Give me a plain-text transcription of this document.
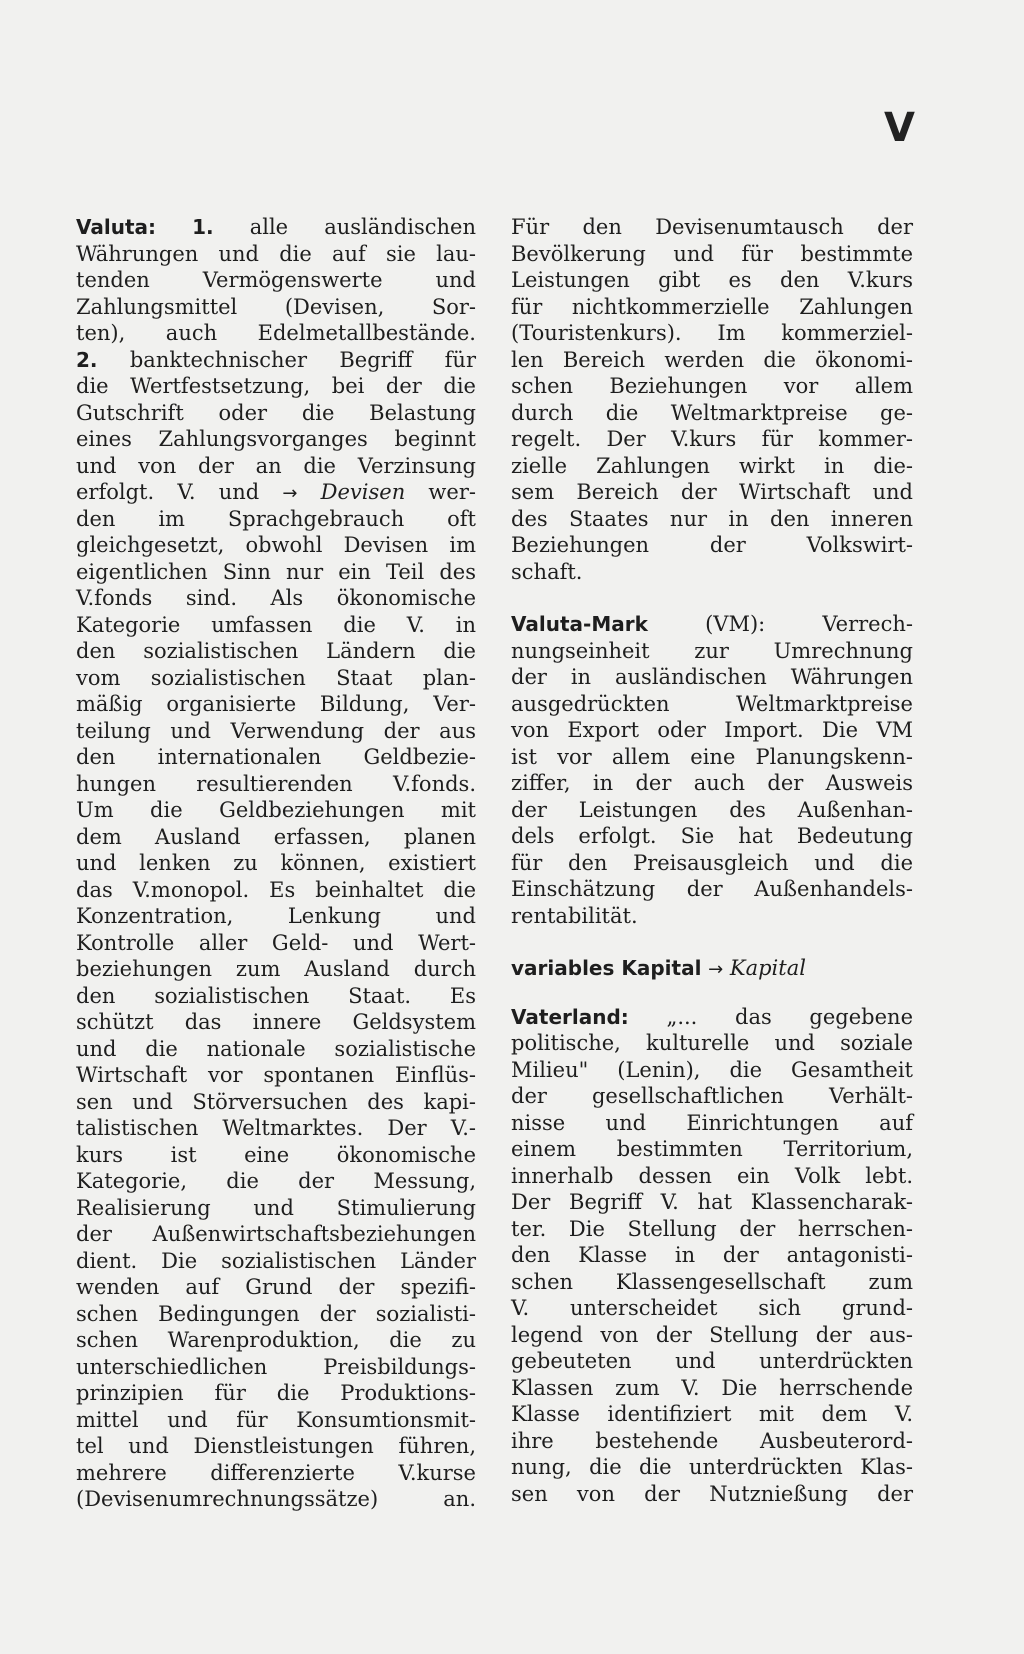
V
Valuta: 1. alle ausländischen
Währungen und die auf sie lau-
tenden Vermögenswerte und
Zahlungsmittel (Devisen, Sor-
ten), auch Edelmetallbestände.
2. banktechnischer Begriff für
die Wertfestsetzung, bei der die
Gutschrift oder die Belastung
eines Zahlungsvorganges beginnt
und von der an die Verzinsung
erfolgt. V. und → Devisen wer-
den im Sprachgebrauch oft
gleichgesetzt, obwohl Devisen im
eigentlichen Sinn nur ein Teil des
V.fonds sind. Als ökonomische
Kategorie umfassen die V. in
den sozialistischen Ländern die
vom sozialistischen Staat plan-
mäßig organisierte Bildung, Ver-
teilung und Verwendung der aus
den internationalen Geldbezie-
hungen resultierenden V.fonds.
Um die Geldbeziehungen mit
dem Ausland erfassen, planen
und lenken zu können, existiert
das V.monopol. Es beinhaltet die
Konzentration, Lenkung und
Kontrolle aller Geld- und Wert-
beziehungen zum Ausland durch
den sozialistischen Staat. Es
schützt das innere Geldsystem
und die nationale sozialistische
Wirtschaft vor spontanen Einflüs-
sen und Störversuchen des kapi-
talistischen Weltmarktes. Der V.-
kurs ist eine ökonomische
Kategorie, die der Messung,
Realisierung und Stimulierung
der Außenwirtschaftsbeziehungen
dient. Die sozialistischen Länder
wenden auf Grund der spezifi-
schen Bedingungen der sozialisti-
schen Warenproduktion, die zu
unterschiedlichen Preisbildungs-
prinzipien für die Produktions-
mittel und für Konsumtionsmit-
tel und Dienstleistungen führen,
mehrere differenzierte V.kurse
(Devisenumrechnungssätze) an.
Für den Devisenumtausch der
Bevölkerung und für bestimmte
Leistungen gibt es den V.kurs
für nichtkommerzielle Zahlungen
(Touristenkurs). Im kommerziel-
len Bereich werden die ökonomi-
schen Beziehungen vor allem
durch die Weltmarktpreise ge-
regelt. Der V.kurs für kommer-
zielle Zahlungen wirkt in die-
sem Bereich der Wirtschaft und
des Staates nur in den inneren
Beziehungen der Volkswirt-
schaft.
Valuta-Mark	(VM): Verrech-
nungseinheit zur Umrechnung
der in ausländischen Währungen
ausgedrückten Weltmarktpreise
von Export oder Import. Die VM
ist vor allem eine Planungskenn-
ziffer, in der auch der Ausweis
der Leistungen des Außenhan-
dels erfolgt. Sie hat Bedeutung
für den Preisausgleich und die
Einschätzung der Außenhandels-
rentabilität.
variables Kapital → Kapital
Vaterland: „... das gegebene
politische, kulturelle und soziale
Milieu" (Lenin), die Gesamtheit
der gesellschaftlichen Verhält-
nisse und Einrichtungen auf
einem bestimmten Territorium,
innerhalb dessen ein Volk lebt.
Der Begriff V. hat Klassencharak-
ter. Die Stellung der herrschen-
den Klasse in der antagonisti-
schen Klassengesellschaft zum
V. unterscheidet sich grund-
legend von der Stellung der aus-
gebeuteten und unterdrückten
Klassen zum V. Die herrschende
Klasse identifiziert mit dem V.
ihre bestehende Ausbeuterord-
nung, die die unterdrückten Klas-
sen von der Nutznießung der
